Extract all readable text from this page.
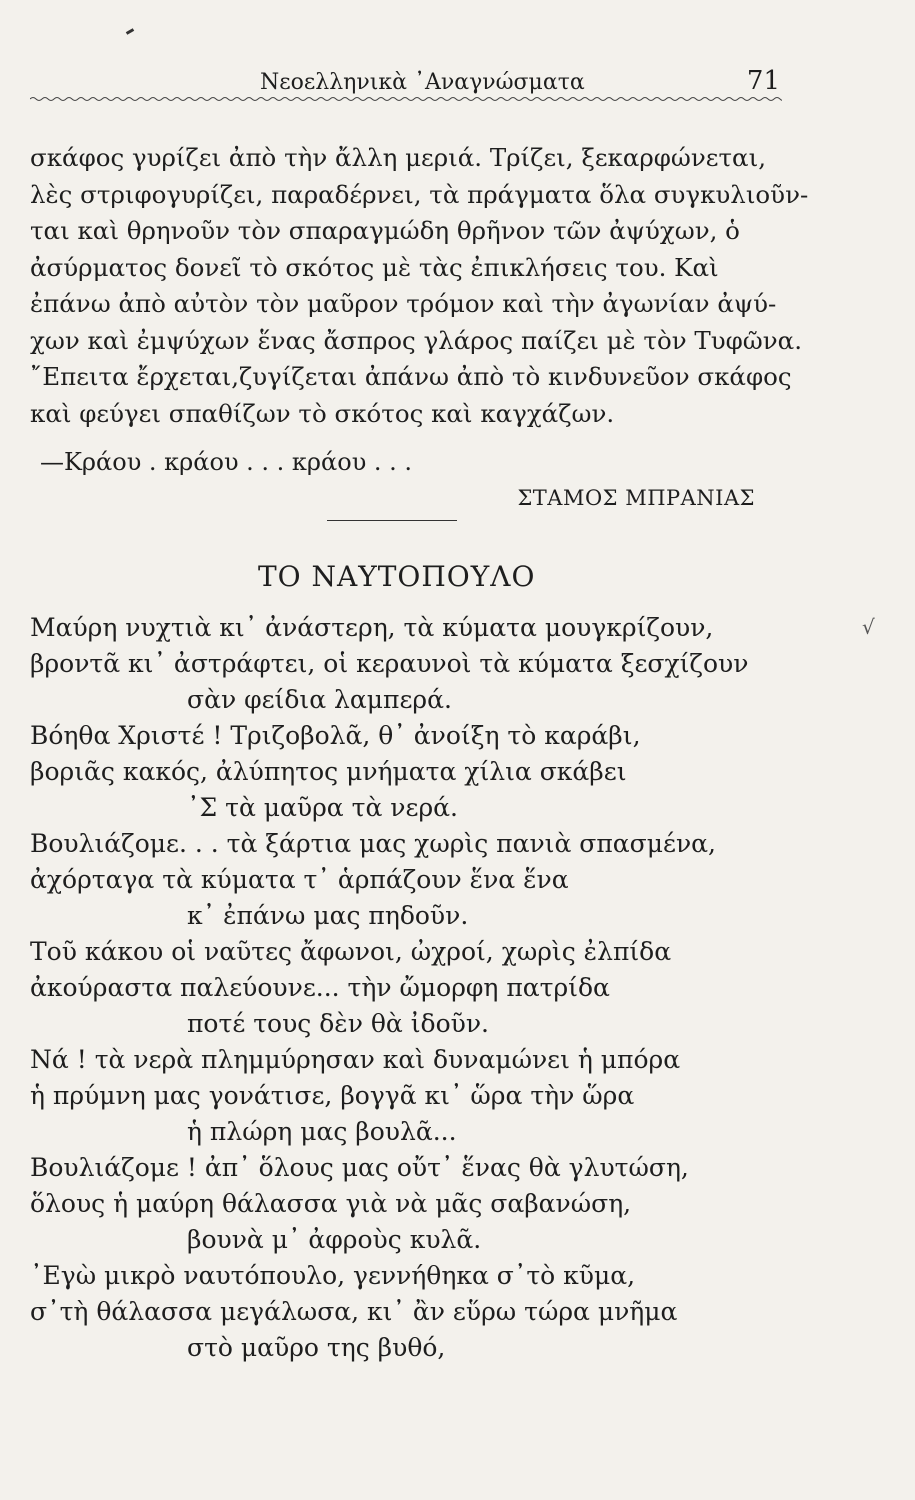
Νεοελληνικὰ ᾿Αναγνώσματα	71
σκάφος γυρίζει ἀπὸ τὴν ἄλλη μεριά. Τρίζει, ξεκαρφώνεται,
λὲς στριφογυρίζει, παραδέρνει, τὰ πράγματα ὅλα συγκυλιοῦν-
ται καὶ θρηνοῦν τὸν σπαραγμώδη θρῆνον τῶν ἀψύχων, ὁ
ἀσύρματος δονεῖ τὸ σκότος μὲ τὰς ἐπικλήσεις του. Καὶ
ἐπάνω ἀπὸ αὐτὸν τὸν μαῦρον τρόμον καὶ τὴν ἀγωνίαν ἀψύ-
χων καὶ ἐμψύχων ἕνας ἄσπρος γλάρος παίζει μὲ τὸν Τυφῶνα.
῎Επειτα ἔρχεται,ζυγίζεται ἀπάνω ἀπὸ τὸ κινδυνεῦον σκάφος
καὶ φεύγει σπαθίζων τὸ σκότος καὶ καγχάζων.
—Κράου . κράου . . . κράου . . .
ΣΤΑΜΟΣ ΜΠΡΑΝΙΑΣ
ΤΟ ΝΑΥΤΟΠΟΥΛΟ
Μαύρη νυχτιὰ κι᾿ ἀνάστερη, τὰ κύματα μουγκρίζουν,
βροντᾶ κι᾿ ἀστράφτει, οἱ κεραυνοὶ τὰ κύματα ξεσχίζουν
σὰν φείδια λαμπερά.
Βόηθα Χριστέ ! Τριζοβολᾶ, θ᾿ ἀνοίξη τὸ καράβι,
βοριᾶς κακός, ἀλύπητος μνήματα χίλια σκάβει
᾿Σ τὰ μαῦρα τὰ νερά.
Βουλιάζομε. . . τὰ ξάρτια μας χωρὶς πανιὰ σπασμένα,
ἀχόρταγα τὰ κύματα τ᾿ ἁρπάζουν ἕνα ἕνα
κ᾿ ἐπάνω μας πηδοῦν.
Τοῦ κάκου οἱ ναῦτες ἄφωνοι, ὠχροί, χωρὶς ἐλπίδα
ἀκούραστα παλεύουνε... τὴν ὤμορφη πατρίδα
ποτέ τους δὲν θὰ ἰδοῦν.
Νά ! τὰ νερὰ πλημμύρησαν καὶ δυναμώνει ἡ μπόρα
ἡ πρύμνη μας γονάτισε, βογγᾶ κι᾿ ὥρα τὴν ὥρα
ἡ πλώρη μας βουλᾶ...
Βουλιάζομε ! ἀπ᾿ ὅλους μας οὔτ᾿ ἕνας θὰ γλυτώση,
ὅλους ἡ μαύρη θάλασσα γιὰ νὰ μᾶς σαβανώση,
βουνὰ μ᾿ ἀφροὺς κυλᾶ.
᾿Εγὼ μικρὸ ναυτόπουλο, γεννήθηκα σ᾿τὸ κῦμα,
σ᾿τὴ θάλασσα μεγάλωσα, κι᾿ ἂν εὕρω τώρα μνῆμα
στὸ μαῦρο της βυθό,
√
